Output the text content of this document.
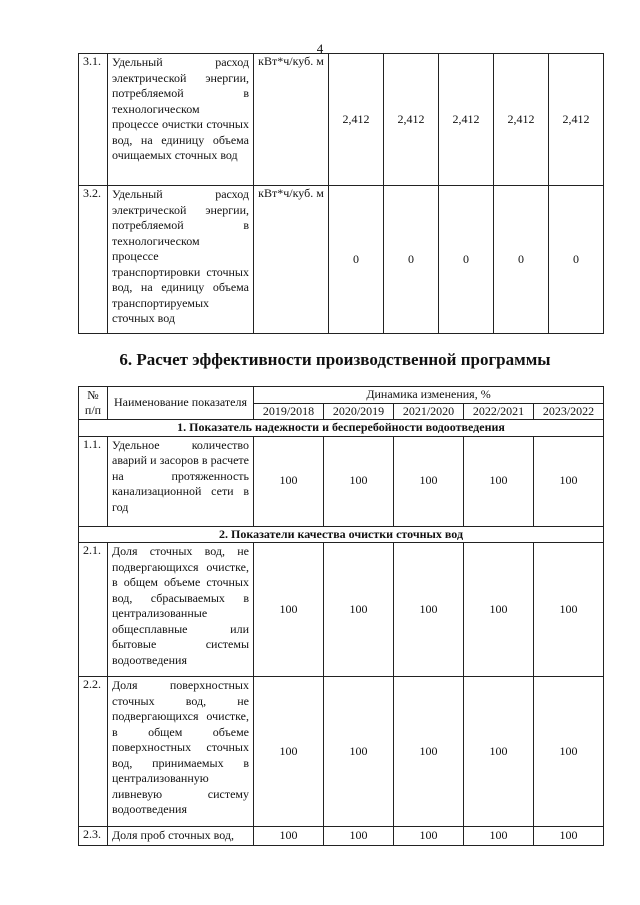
4
3.1.	Удельный расход электрической энергии, потребляемой в технологическом процессе очистки сточных вод, на единицу объема очищаемых сточных вод	кВт*ч/куб. м	2,412	2,412	2,412	2,412	2,412
3.2.	Удельный расход электрической энергии, потребляемой в технологическом процессе транспортировки сточных вод, на единицу объема транспортируемых сточных вод	кВт*ч/куб. м	0	0	0	0	0
6. Расчет эффективности производственной программы
№ п/п	Наименование показателя	Динамика изменения, %				
		2019/2018	2020/2019	2021/2020	2022/2021	2023/2022
1. Показатель надежности и бесперебойности водоотведения						
1.1.	Удельное количество аварий и засоров в расчете на протяженность канализационной сети в год	100	100	100	100	100
2. Показатели качества очистки сточных вод						
2.1.	Доля сточных вод, не подвергающихся очистке, в общем объеме сточных вод, сбрасываемых в централизованные общесплавные или бытовые системы водоотведения	100	100	100	100	100
2.2.	Доля поверхностных сточных вод, не подвергающихся очистке, в общем объеме поверхностных сточных вод, принимаемых в централизованную ливневую систему водоотведения	100	100	100	100	100
2.3.	Доля проб сточных вод,	100	100	100	100	100
